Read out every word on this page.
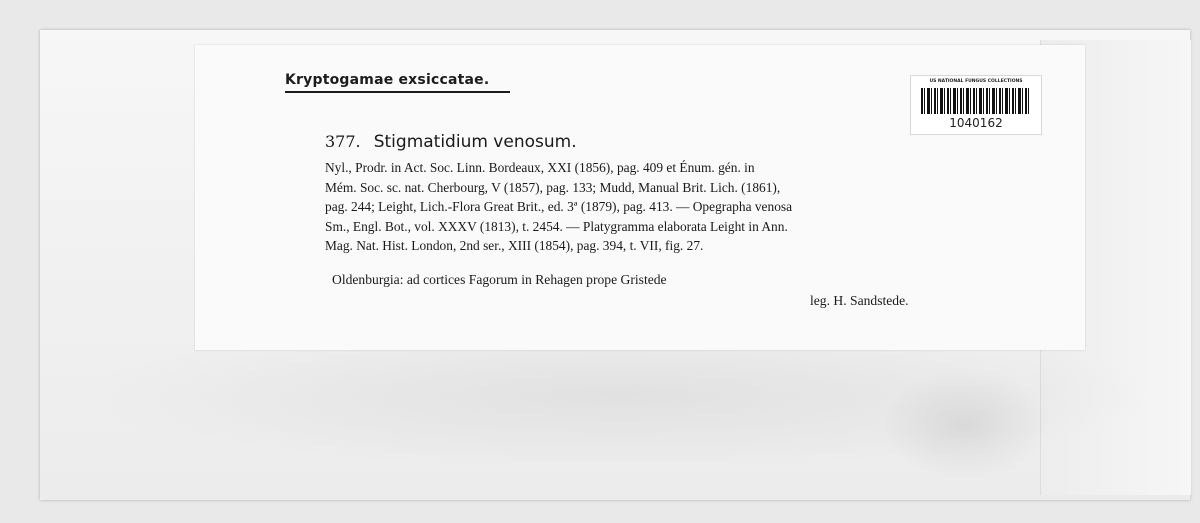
Kryptogamae exsiccatae.	US NATIONAL FUNGUS COLLECTIONS
1040162
377. Stigmatidium venosum.
Nyl., Prodr. in Act. Soc. Linn. Bordeaux, XXI (1856), pag. 409 et Énum. gén. in
Mém. Soc. sc. nat. Cherbourg, V (1857), pag. 133; Mudd, Manual Brit. Lich. (1861),
pag. 244; Leight, Lich.-Flora Great Brit., ed. 3ª (1879), pag. 413. — Opegrapha venosa
Sm., Engl. Bot., vol. XXXV (1813), t. 2454. — Platygramma elaborata Leight in Ann.
Mag. Nat. Hist. London, 2nd ser., XIII (1854), pag. 394, t. VII, fig. 27.
Oldenburgia: ad cortices Fagorum in Rehagen prope Gristede
leg. H. Sandstede.
